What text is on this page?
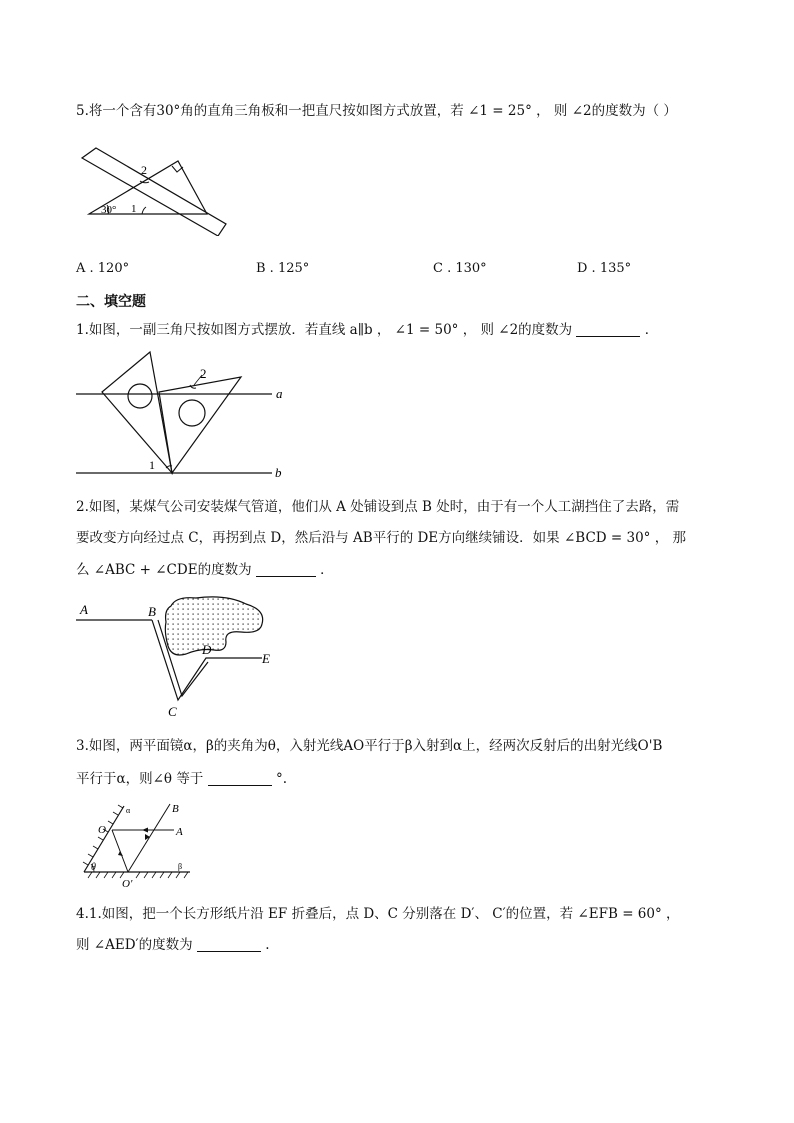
5.将一个含有30°角的直角三角板和一把直尺按如图方式放置，若 ∠1 = 25° ， 则 ∠2的度数为（ ）
2
30° 1
A . 120°	B . 125°	C . 130°	D . 135°
二、填空题
1.如图，一副三角尺按如图方式摆放．若直线 a∥b ， ∠1 = 50° ， 则 ∠2的度数为	．
a
b
1
2
2.如图，某煤气公司安装煤气管道，他们从 A 处铺设到点 B 处时，由于有一个人工湖挡住了去路，需
要改变方向经过点 C，再拐到点 D，然后沿与 AB平行的 DE方向继续铺设．如果 ∠BCD = 30° ， 那
么 ∠ABC + ∠CDE的度数为	．
A	B
C
D
E
3.如图，两平面镜α，β的夹角为θ，入射光线AO平行于β入射到α上，经两次反射后的出射光线O'B
平行于α，则∠θ 等于	°.
α
β
O	A
B
O'
θ
4.1.如图，把一个长方形纸片沿 EF 折叠后，点 D、C 分别落在 D′、 C′的位置，若 ∠EFB = 60° ，
则 ∠AED′的度数为	.
